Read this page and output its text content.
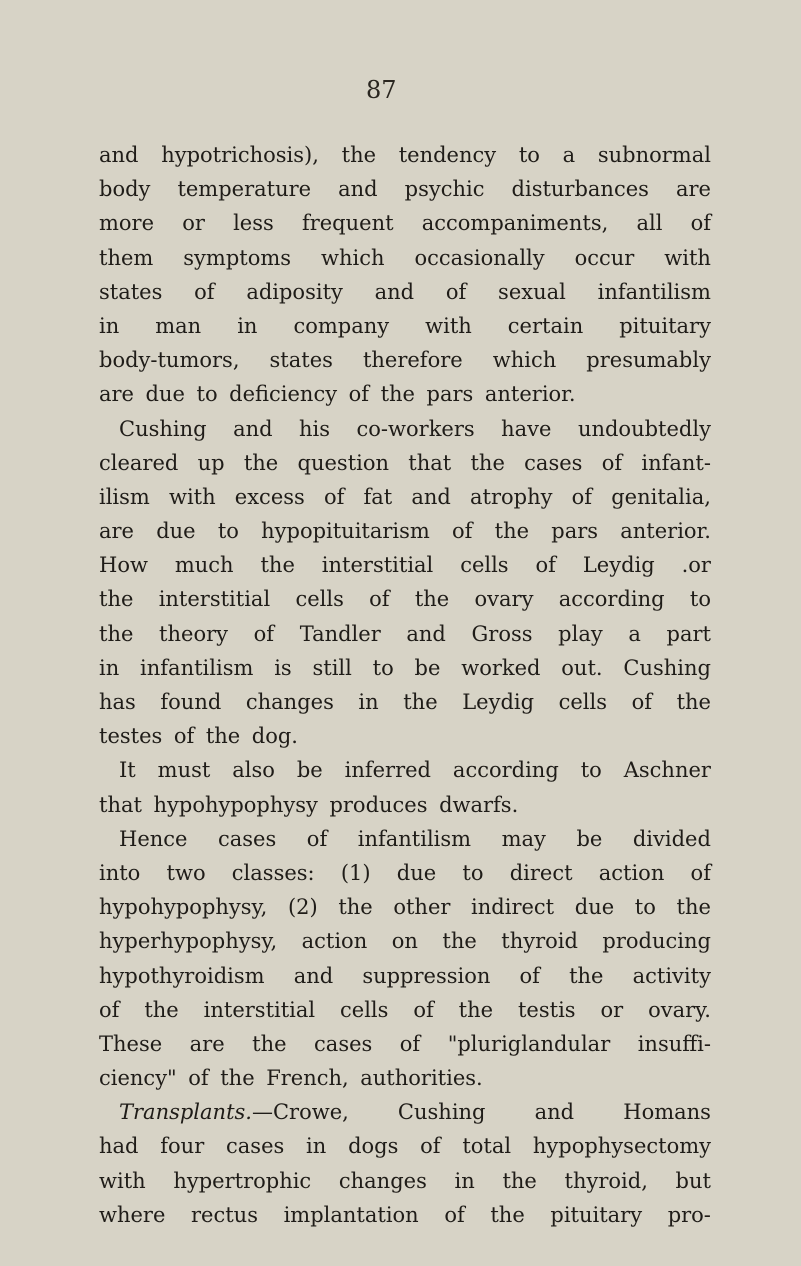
87
and hypotrichosis), the tendency to a subnormal
body temperature and psychic disturbances are
more or less frequent accompaniments, all of
them symptoms which occasionally occur with
states of adiposity and of sexual infantilism
in man in company with certain pituitary
body-tumors, states therefore which presumably
are due to deficiency of the pars anterior.
Cushing and his co-workers have undoubtedly
cleared up the question that the cases of infant-
ilism with excess of fat and atrophy of genitalia,
are due to hypopituitarism of the pars anterior.
How much the interstitial cells of Leydig .or
the interstitial cells of the ovary according to
the theory of Tandler and Gross play a part
in infantilism is still to be worked out. Cushing
has found changes in the Leydig cells of the
testes of the dog.
It must also be inferred according to Aschner
that hypohypophysy produces dwarfs.
Hence cases of infantilism may be divided
into two classes: (1) due to direct action of
hypohypophysy, (2) the other indirect due to the
hyperhypophysy, action on the thyroid producing
hypothyroidism and suppression of the activity
of the interstitial cells of the testis or ovary.
These are the cases of "pluriglandular insuffi-
ciency" of the French, authorities.
Transplants.—Crowe, Cushing and Homans
had four cases in dogs of total hypophysectomy
with hypertrophic changes in the thyroid, but
where rectus implantation of the pituitary pro-
